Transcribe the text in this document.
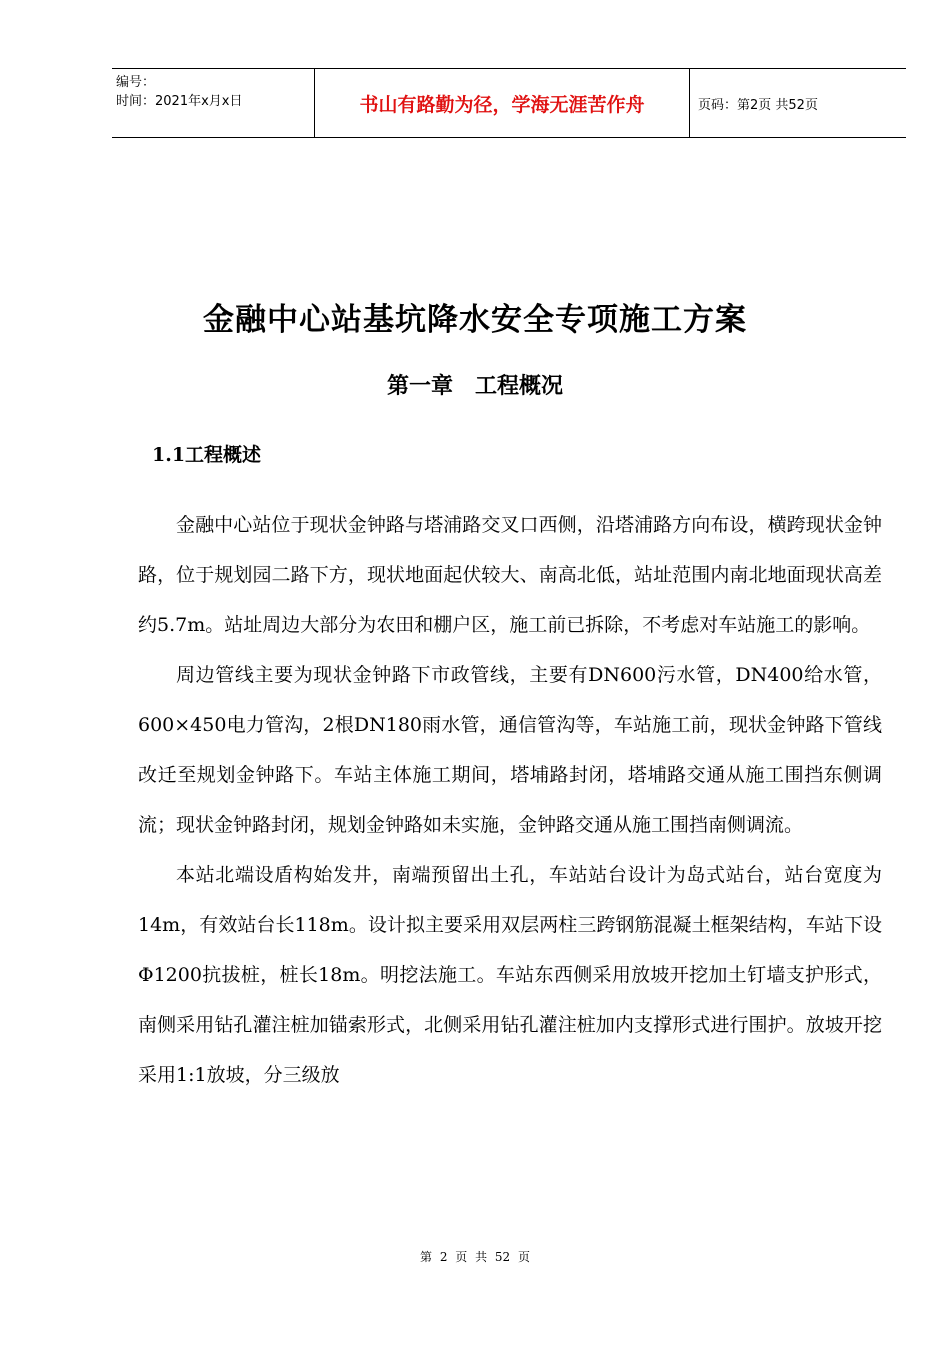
编号：
时间：2021年x月x日	书山有路勤为径，学海无涯苦作舟	页码：第2页 共52页
金融中心站基坑降水安全专项施工方案
第一章　工程概况
1.1工程概述

金融中心站位于现状金钟路与塔浦路交叉口西侧，沿塔浦路方向布设，横跨现状金钟路，位于规划园二路下方，现状地面起伏较大、南高北低，站址范围内南北地面现状高差约5.7m。站址周边大部分为农田和棚户区，施工前已拆除，不考虑对车站施工的影响。

周边管线主要为现状金钟路下市政管线，主要有DN600污水管，DN400给水管，600×450电力管沟，2根DN180雨水管，通信管沟等，车站施工前，现状金钟路下管线改迁至规划金钟路下。车站主体施工期间，塔埔路封闭，塔埔路交通从施工围挡东侧调流；现状金钟路封闭，规划金钟路如未实施，金钟路交通从施工围挡南侧调流。

本站北端设盾构始发井，南端预留出土孔，车站站台设计为岛式站台，站台宽度为14m，有效站台长118m。设计拟主要采用双层两柱三跨钢筋混凝土框架结构，车站下设Φ1200抗拔桩，桩长18m。明挖法施工。车站东西侧采用放坡开挖加土钉墙支护形式，南侧采用钻孔灌注桩加锚索形式，北侧采用钻孔灌注桩加内支撑形式进行围护。放坡开挖采用1:1放坡，分三级放

第 2 页 共 52 页
